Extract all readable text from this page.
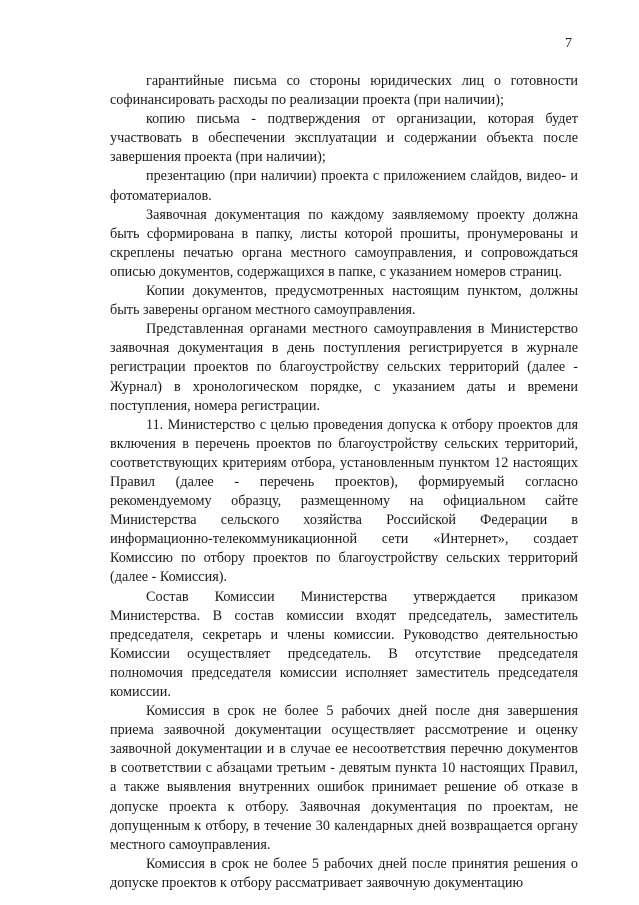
7

гарантийные письма со стороны юридических лиц о готовности софинансировать расходы по реализации проекта (при наличии);

копию письма - подтверждения от организации, которая будет участвовать в обеспечении эксплуатации и содержании объекта после завершения проекта (при наличии);

презентацию (при наличии) проекта с приложением слайдов, видео- и фотоматериалов.

Заявочная документация по каждому заявляемому проекту должна быть сформирована в папку, листы которой прошиты, пронумерованы и скреплены печатью органа местного самоуправления, и сопровождаться описью документов, содержащихся в папке, с указанием номеров страниц.

Копии документов, предусмотренных настоящим пунктом, должны быть заверены органом местного самоуправления.

Представленная органами местного самоуправления в Министерство заявочная документация в день поступления регистрируется в журнале регистрации проектов по благоустройству сельских территорий (далее - Журнал) в хронологическом порядке, с указанием даты и времени поступления, номера регистрации.

11. Министерство с целью проведения допуска к отбору проектов для включения в перечень проектов по благоустройству сельских территорий, соответствующих критериям отбора, установленным пунктом 12 настоящих Правил (далее - перечень проектов), формируемый согласно рекомендуемому образцу, размещенному на официальном сайте Министерства сельского хозяйства Российской Федерации в информационно-телекоммуникационной сети «Интернет», создает Комиссию по отбору проектов по благоустройству сельских территорий (далее - Комиссия).

Состав Комиссии Министерства утверждается приказом Министерства. В состав комиссии входят председатель, заместитель председателя, секретарь и члены комиссии. Руководство деятельностью Комиссии осуществляет председатель. В отсутствие председателя полномочия председателя комиссии исполняет заместитель председателя комиссии.

Комиссия в срок не более 5 рабочих дней после дня завершения приема заявочной документации осуществляет рассмотрение и оценку заявочной документации и в случае ее несоответствия перечню документов в соответствии с абзацами третьим - девятым пункта 10 настоящих Правил, а также выявления внутренних ошибок принимает решение об отказе в допуске проекта к отбору. Заявочная документация по проектам, не допущенным к отбору, в течение 30 календарных дней возвращается органу местного самоуправления.

Комиссия в срок не более 5 рабочих дней после принятия решения о допуске проектов к отбору рассматривает заявочную документацию
